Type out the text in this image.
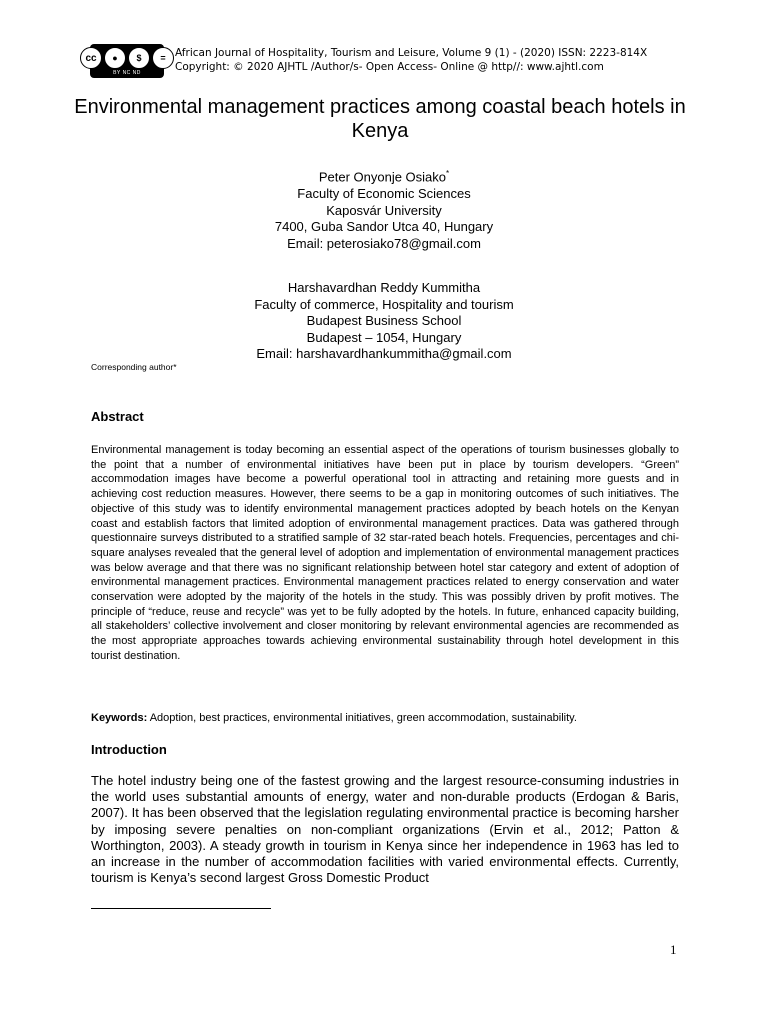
cc	●	$	=
BY NC ND
African Journal of Hospitality, Tourism and Leisure, Volume 9 (1) - (2020) ISSN: 2223-814X
Copyright: © 2020 AJHTL /Author/s- Open Access- Online @ http//: www.ajhtl.com
Environmental management practices among coastal beach hotels in Kenya
Peter Onyonje Osiako*
Faculty of Economic Sciences
Kaposvár University
7400, Guba Sandor Utca 40, Hungary
Email: peterosiako78@gmail.com
Harshavardhan Reddy Kummitha
Faculty of commerce, Hospitality and tourism
Budapest Business School
Budapest – 1054, Hungary
Email: harshavardhankummitha@gmail.com
Corresponding author*
Abstract

Environmental management is today becoming an essential aspect of the operations of tourism businesses globally to the point that a number of environmental initiatives have been put in place by tourism developers. “Green” accommodation images have become a powerful operational tool in attracting and retaining more guests and in achieving cost reduction measures. However, there seems to be a gap in monitoring outcomes of such initiatives. The objective of this study was to identify environmental management practices adopted by beach hotels on the Kenyan coast and establish factors that limited adoption of environmental management practices. Data was gathered through questionnaire surveys distributed to a stratified sample of 32 star-rated beach hotels. Frequencies, percentages and chi-square analyses revealed that the general level of adoption and implementation of environmental management practices was below average and that there was no significant relationship between hotel star category and extent of adoption of environmental management practices. Environmental management practices related to energy conservation and water conservation were adopted by the majority of the hotels in the study. This was possibly driven by profit motives. The principle of “reduce, reuse and recycle” was yet to be fully adopted by the hotels. In future, enhanced capacity building, all stakeholders’ collective involvement and closer monitoring by relevant environmental agencies are recommended as the most appropriate approaches towards achieving environmental sustainability through hotel development in this tourist destination.

Keywords: Adoption, best practices, environmental initiatives, green accommodation, sustainability.
Introduction

The hotel industry being one of the fastest growing and the largest resource-consuming industries in the world uses substantial amounts of energy, water and non-durable products (Erdogan & Baris, 2007). It has been observed that the legislation regulating environmental practice is becoming harsher by imposing severe penalties on non-compliant organizations (Ervin et al., 2012; Patton & Worthington, 2003). A steady growth in tourism in Kenya since her independence in 1963 has led to an increase in the number of accommodation facilities with varied environmental effects. Currently, tourism is Kenya’s second largest Gross Domestic Product

1
